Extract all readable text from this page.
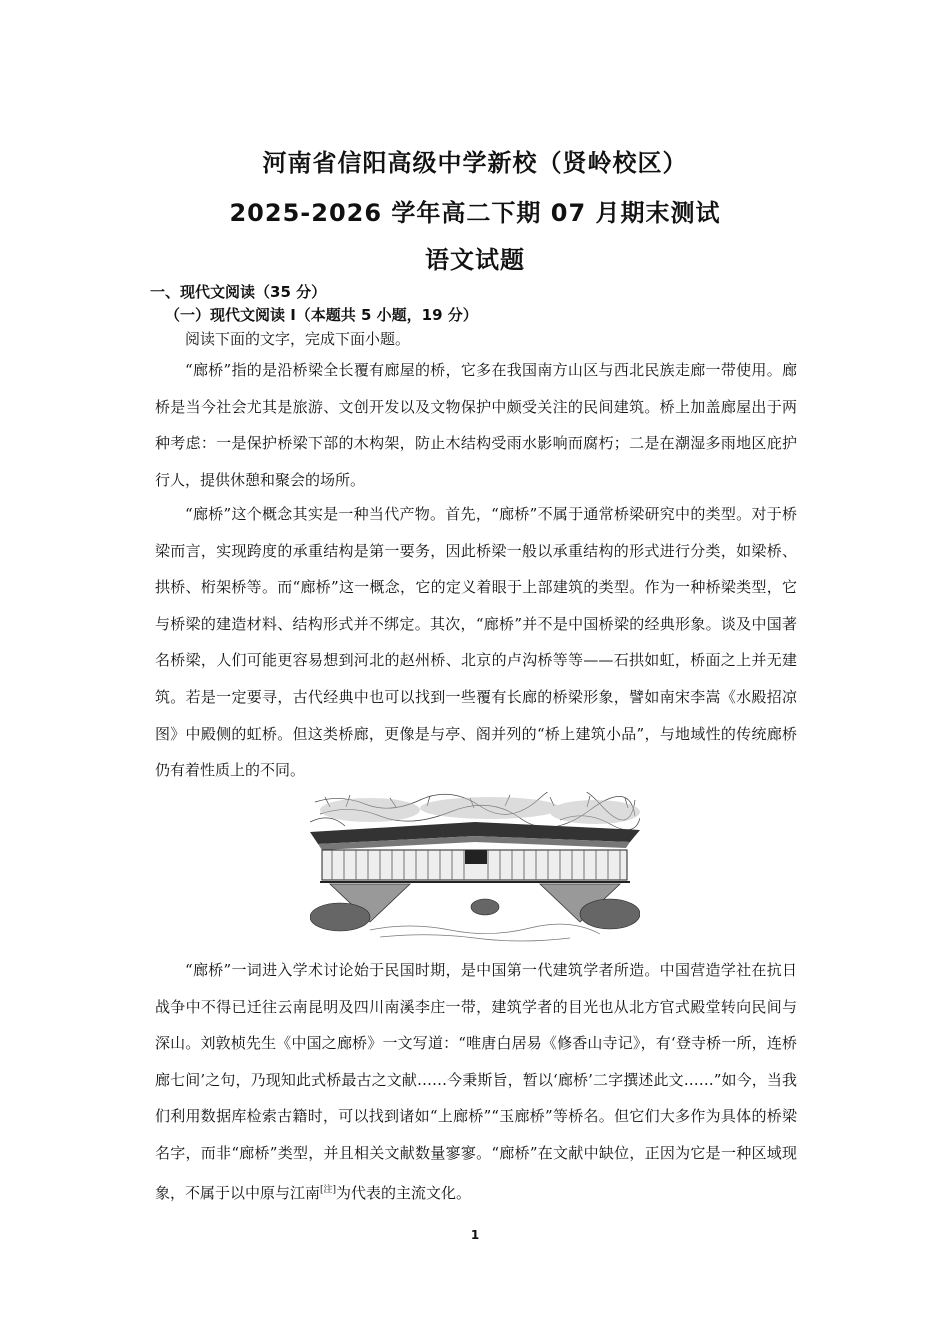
河南省信阳高级中学新校（贤岭校区）
2025-2026 学年高二下期 07 月期末测试
语文试题
一、现代文阅读（35 分）
（一）现代文阅读 I（本题共 5 小题，19 分）
阅读下面的文字，完成下面小题。

“廊桥”指的是沿桥梁全长覆有廊屋的桥，它多在我国南方山区与西北民族走廊一带使用。廊桥是当今社会尤其是旅游、文创开发以及文物保护中颇受关注的民间建筑。桥上加盖廊屋出于两种考虑：一是保护桥梁下部的木构架，防止木结构受雨水影响而腐朽；二是在潮湿多雨地区庇护行人，提供休憩和聚会的场所。

“廊桥”这个概念其实是一种当代产物。首先，“廊桥”不属于通常桥梁研究中的类型。对于桥梁而言，实现跨度的承重结构是第一要务，因此桥梁一般以承重结构的形式进行分类，如梁桥、拱桥、桁架桥等。而“廊桥”这一概念，它的定义着眼于上部建筑的类型。作为一种桥梁类型，它与桥梁的建造材料、结构形式并不绑定。其次，“廊桥”并不是中国桥梁的经典形象。谈及中国著名桥梁，人们可能更容易想到河北的赵州桥、北京的卢沟桥等等——石拱如虹，桥面之上并无建筑。若是一定要寻，古代经典中也可以找到一些覆有长廊的桥梁形象，譬如南宋李嵩《水殿招凉图》中殿侧的虹桥。但这类桥廊，更像是与亭、阁并列的“桥上建筑小品”，与地域性的传统廊桥仍有着性质上的不同。

“廊桥”一词进入学术讨论始于民国时期，是中国第一代建筑学者所造。中国营造学社在抗日战争中不得已迁往云南昆明及四川南溪李庄一带，建筑学者的目光也从北方官式殿堂转向民间与深山。刘敦桢先生《中国之廊桥》一文写道：“唯唐白居易《修香山寺记》，有‘登寺桥一所，连桥廊七间’之句，乃现知此式桥最古之文献……今秉斯旨，暂以‘廊桥’二字撰述此文……”如今，当我们利用数据库检索古籍时，可以找到诸如“上廊桥”“玉廊桥”等桥名。但它们大多作为具体的桥梁名字，而非“廊桥”类型，并且相关文献数量寥寥。“廊桥”在文献中缺位，正因为它是一种区域现象，不属于以中原与江南[注]为代表的主流文化。

1
